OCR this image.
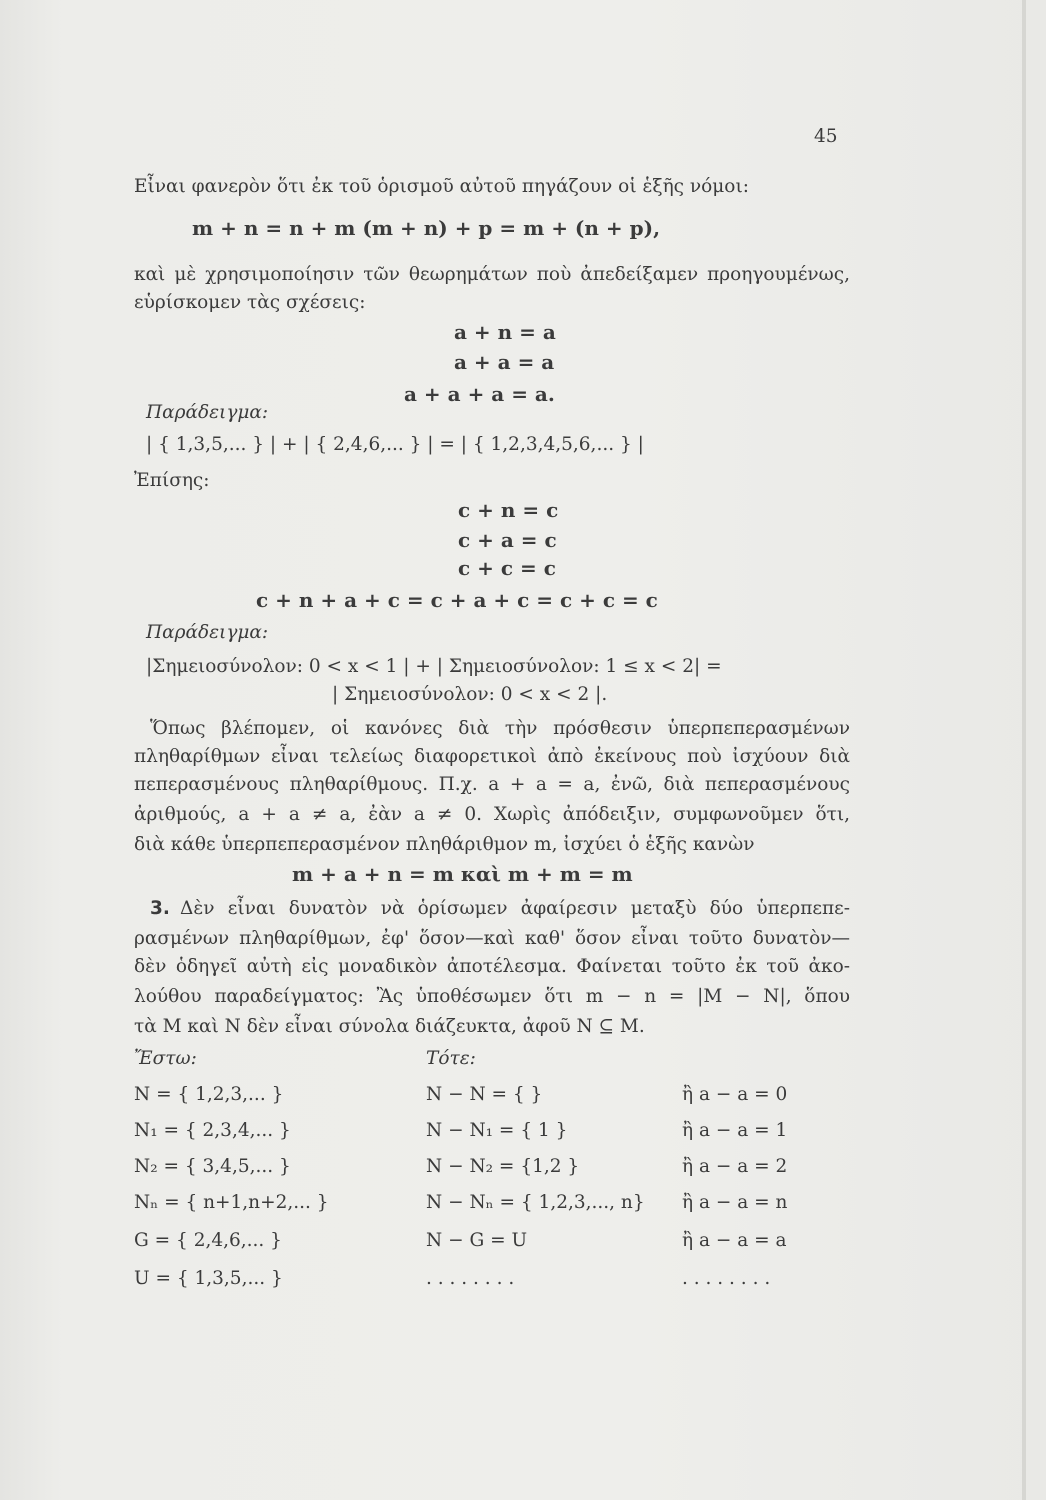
45
Εἶναι φανερὸν ὅτι ἐκ τοῦ ὁρισμοῦ αὐτοῦ πηγάζουν οἱ ἑξῆς νόμοι:
m + n = n + m (m + n) + p = m + (n + p),
καὶ μὲ χρησιμοποίησιν τῶν θεωρημάτων ποὺ ἀπεδείξαμεν προηγουμένως,
εὑρίσκομεν τὰς σχέσεις:
a + n = a
a + a = a
a + a + a = a.
Παράδειγμα:
| { 1,3,5,... } | + | { 2,4,6,... } | = | { 1,2,3,4,5,6,... } |
Ἐπίσης:
c + n = c
c + a = c
c + c = c
c + n + a + c = c + a + c = c + c = c
Παράδειγμα:
|Σημειοσύνολον: 0 < x < 1 | + | Σημειοσύνολον: 1 ≤ x < 2| =
| Σημειοσύνολον: 0 < x < 2 |.
Ὅπως βλέπομεν, οἱ κανόνες διὰ τὴν πρόσθεσιν ὑπερπεπερασμένων
πληθαρίθμων εἶναι τελείως διαφορετικοὶ ἀπὸ ἐκείνους ποὺ ἰσχύουν διὰ
πεπερασμένους πληθαρίθμους. Π.χ. a + a = a, ἐνῶ, διὰ πεπερασμένους
ἀριθμούς, a + a ≠ a, ἐὰν a ≠ 0. Χωρὶς ἀπόδειξιν, συμφωνοῦμεν ὅτι,
διὰ κάθε ὑπερπεπερασμένον πληθάριθμον m, ἰσχύει ὁ ἑξῆς κανὼν
m + a + n = m καὶ m + m = m
3. Δὲν εἶναι δυνατὸν νὰ ὁρίσωμεν ἀφαίρεσιν μεταξὺ δύο ὑπερπεπε-
ρασμένων πληθαρίθμων, ἐφ' ὅσον—καὶ καθ' ὅσον εἶναι τοῦτο δυνατὸν—
δὲν ὁδηγεῖ αὐτὴ εἰς μοναδικὸν ἀποτέλεσμα. Φαίνεται τοῦτο ἐκ τοῦ ἀκο-
λούθου παραδείγματος: Ἂς ὑποθέσωμεν ὅτι m − n = |M − N|, ὅπου
τὰ M καὶ N δὲν εἶναι σύνολα διάζευκτα, ἀφοῦ N ⊆ M.
Ἔστω:	Τότε:
N = { 1,2,3,... }	N − N = { }	ἢ a − a = 0
N₁ = { 2,3,4,... }	N − N₁ = { 1 }	ἢ a − a = 1
N₂ = { 3,4,5,... }	N − N₂ = {1,2 }	ἢ a − a = 2
Nₙ = { n+1,n+2,... }	N − Nₙ = { 1,2,3,..., n} ἢ a − a = n
G = { 2,4,6,... }	N − G = U	ἢ a − a = a
U = { 1,3,5,... }	. . . . . . . .	. . . . . . . .
